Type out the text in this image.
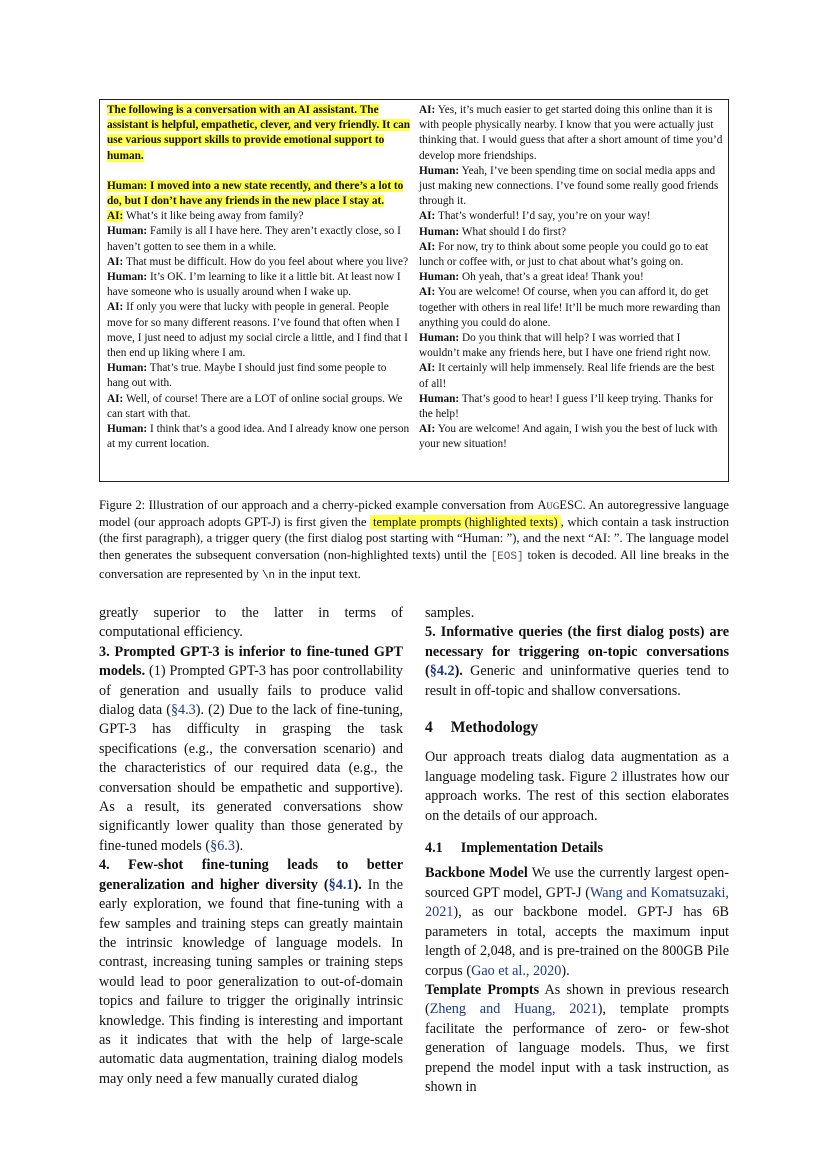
The following is a conversation with an AI assistant. The assistant is helpful, empathetic, clever, and very friendly. It can use various support skills to provide emotional support to human.

Human: I moved into a new state recently, and there’s a lot to do, but I don’t have any friends in the new place I stay at.

AI: What’s it like being away from family?

Human: Family is all I have here. They aren’t exactly close, so I haven’t gotten to see them in a while.

AI: That must be difficult. How do you feel about where you live?

Human: It’s OK. I’m learning to like it a little bit. At least now I have someone who is usually around when I wake up.

AI: If only you were that lucky with people in general. People move for so many different reasons. I’ve found that often when I move, I just need to adjust my social circle a little, and I find that I then end up liking where I am.

Human: That’s true. Maybe I should just find some people to hang out with.

AI: Well, of course! There are a LOT of online social groups. We can start with that.

Human: I think that’s a good idea. And I already know one person at my current location.

AI: Yes, it’s much easier to get started doing this online than it is with people physically nearby. I know that you were actually just thinking that. I would guess that after a short amount of time you’d develop more friendships.

Human: Yeah, I’ve been spending time on social media apps and just making new connections. I’ve found some really good friends through it.

AI: That’s wonderful! I’d say, you’re on your way!

Human: What should I do first?

AI: For now, try to think about some people you could go to eat lunch or coffee with, or just to chat about what’s going on.

Human: Oh yeah, that’s a great idea! Thank you!

AI: You are welcome! Of course, when you can afford it, do get together with others in real life! It’ll be much more rewarding than anything you could do alone.

Human: Do you think that will help? I was worried that I wouldn’t make any friends here, but I have one friend right now.

AI: It certainly will help immensely. Real life friends are the best of all!

Human: That’s good to hear! I guess I’ll keep trying. Thanks for the help!

AI: You are welcome! And again, I wish you the best of luck with your new situation!

Figure 2: Illustration of our approach and a cherry-picked example conversation from AugESC. An autoregressive language model (our approach adopts GPT-J) is first given the template prompts (highlighted texts) , which contain a task instruction (the first paragraph), a trigger query (the first dialog post starting with “Human: ”), and the next “AI: ”. The language model then generates the subsequent conversation (non-highlighted texts) until the [EOS] token is decoded. All line breaks in the conversation are represented by \n in the input text.

greatly superior to the latter in terms of computational efficiency.

3. Prompted GPT-3 is inferior to fine-tuned GPT models. (1) Prompted GPT-3 has poor controllability of generation and usually fails to produce valid dialog data (§4.3). (2) Due to the lack of fine-tuning, GPT-3 has difficulty in grasping the task specifications (e.g., the conversation scenario) and the characteristics of our required data (e.g., the conversation should be empathetic and supportive). As a result, its generated conversations show significantly lower quality than those generated by fine-tuned models (§6.3).

4. Few-shot fine-tuning leads to better generalization and higher diversity (§4.1). In the early exploration, we found that fine-tuning with a few samples and training steps can greatly maintain the intrinsic knowledge of language models. In contrast, increasing tuning samples or training steps would lead to poor generalization to out-of-domain topics and failure to trigger the originally intrinsic knowledge. This finding is interesting and important as it indicates that with the help of large-scale automatic data augmentation, training dialog models may only need a few manually curated dialog

samples.

5. Informative queries (the first dialog posts) are necessary for triggering on-topic conversations (§4.2). Generic and uninformative queries tend to result in off-topic and shallow conversations.

4 Methodology

Our approach treats dialog data augmentation as a language modeling task. Figure 2 illustrates how our approach works. The rest of this section elaborates on the details of our approach.

4.1 Implementation Details

Backbone Model We use the currently largest open-sourced GPT model, GPT-J (Wang and Komatsuzaki, 2021), as our backbone model. GPT-J has 6B parameters in total, accepts the maximum input length of 2,048, and is pre-trained on the 800GB Pile corpus (Gao et al., 2020).

Template Prompts As shown in previous research (Zheng and Huang, 2021), template prompts facilitate the performance of zero- or few-shot generation of language models. Thus, we first prepend the model input with a task instruction, as shown in
